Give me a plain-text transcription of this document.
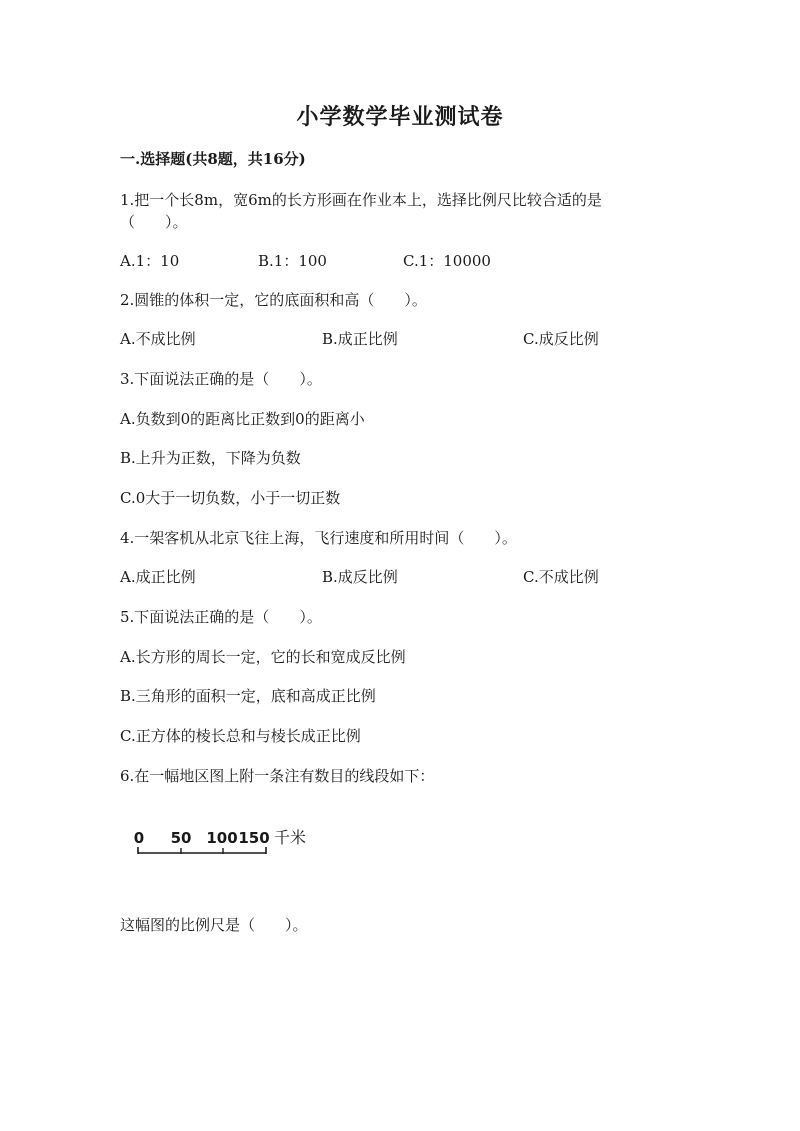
小学数学毕业测试卷
一.选择题(共8题，共16分)
1.把一个长8m，宽6m的长方形画在作业本上，选择比例尺比较合适的是
（　　）。
A.1：10	B.1：100	C.1：10000
2.圆锥的体积一定，它的底面积和高（　　）。
A.不成比例	B.成正比例	C.成反比例
3.下面说法正确的是（　　）。
A.负数到0的距离比正数到0的距离小
B.上升为正数，下降为负数
C.0大于一切负数，小于一切正数
4.一架客机从北京飞往上海，飞行速度和所用时间（　　）。
A.成正比例	B.成反比例	C.不成比例
5.下面说法正确的是（　　）。
A.长方形的周长一定，它的长和宽成反比例
B.三角形的面积一定，底和高成正比例
C.正方体的棱长总和与棱长成正比例
6.在一幅地区图上附一条注有数目的线段如下：
0 50 100 150 千米
这幅图的比例尺是（　　）。
